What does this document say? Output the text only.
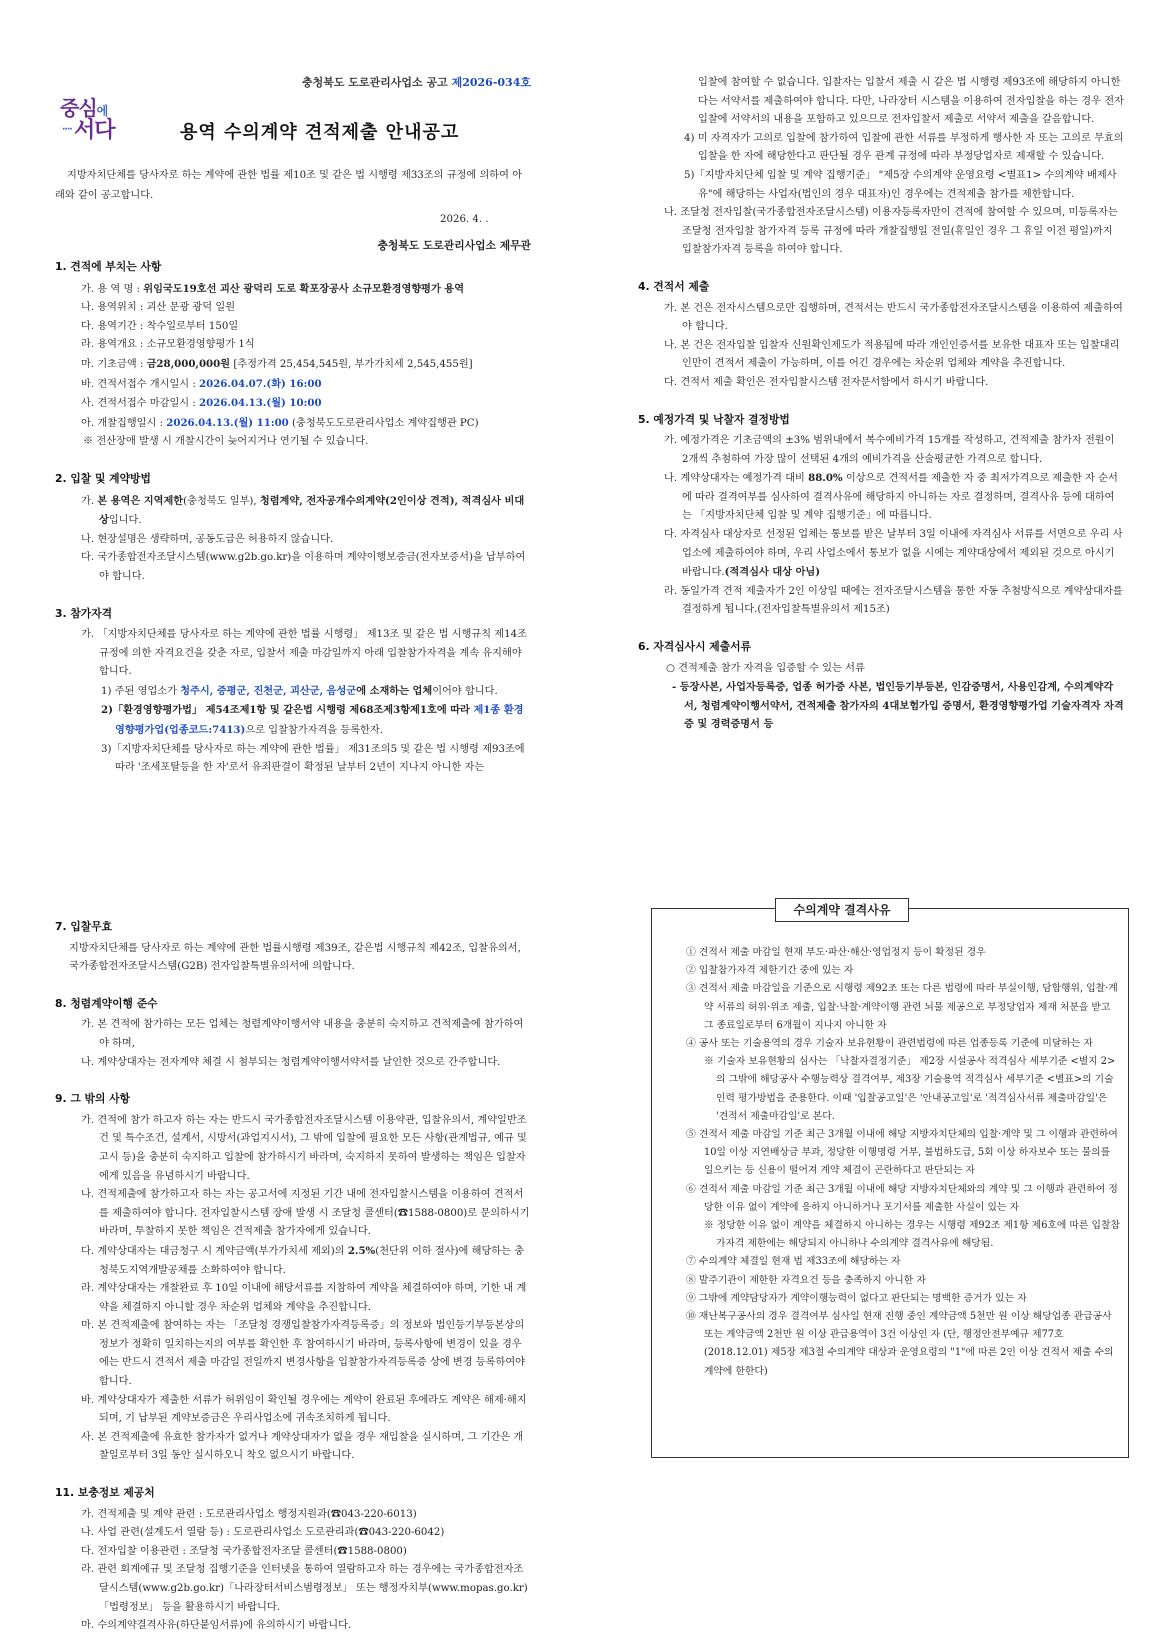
충청북도 도로관리사업소 공고 제2026-034호
중심에
···· 서다	용역 수의계약 견적제출 안내공고
지방자치단체를 당사자로 하는 계약에 관한 법률 제10조 및 같은 법 시행령 제33조의 규정에 의하여 아래와 같이 공고합니다.
2026. 4. .
충청북도 도로관리사업소 제무관
1. 견적에 부치는 사항
가. 용 역 명 : 위임국도19호선 괴산 광덕리 도로 확포장공사 소규모환경영향평가 용역
나. 용역위치 : 괴산 문광 광덕 일원
다. 용역기간 : 착수일로부터 150일
라. 용역개요 : 소규모환경영향평가 1식
마. 기초금액 : 금28,000,000원 [추정가격 25,454,545원, 부가가치세 2,545,455원]
바. 견적서접수 개시일시 : 2026.04.07.(화) 16:00
사. 견적서접수 마감일시 : 2026.04.13.(월) 10:00
아. 개찰집행일시 : 2026.04.13.(월) 11:00 (충청북도도로관리사업소 계약집행관 PC)
※ 전산장애 발생 시 개찰시간이 늦어지거나 연기될 수 있습니다.
2. 입찰 및 계약방법
가. 본 용역은 지역제한(충청북도 일부), 청렴계약, 전자공개수의계약(2인이상 견적), 적격심사 비대상입니다.
나. 현장설명은 생략하며, 공동도급은 허용하지 않습니다.
다. 국가종합전자조달시스템(www.g2b.go.kr)을 이용하며 계약이행보증금(전자보증서)을 납부하여야 합니다.
3. 참가자격
가. 「지방자치단체를 당사자로 하는 계약에 관한 법률 시행령」 제13조 및 같은 법 시행규칙 제14조 규정에 의한 자격요건을 갖춘 자로, 입찰서 제출 마감일까지 아래 입찰참가자격을 계속 유지해야 합니다.
1) 주된 영업소가 청주시, 증평군, 진천군, 괴산군, 음성군에 소재하는 업체이어야 합니다.
2)「환경영향평가법」 제54조제1항 및 같은법 시행령 제68조제3항제1호에 따라 제1종 환경영향평가업(업종코드:7413)으로 입찰참가자격을 등록한자.
3)「지방자치단체를 당사자로 하는 계약에 관한 법률」 제31조의5 및 같은 법 시행령 제93조에 따라 '조세포탈등을 한 자'로서 유죄판결이 확정된 날부터 2년이 지나지 아니한 자는
입찰에 참여할 수 없습니다. 입찰자는 입찰서 제출 시 같은 법 시행령 제93조에 해당하지 아니한다는 서약서를 제출하여야 합니다. 다만, 나라장터 시스템을 이용하여 전자입찰을 하는 경우 전자입찰에 서약서의 내용을 포함하고 있으므로 전자입찰서 제출로 서약서 제출을 갈음합니다.
4) 미 자격자가 고의로 입찰에 참가하여 입찰에 관한 서류를 부정하게 행사한 자 또는 고의로 무효의 입찰을 한 자에 해당한다고 판단될 경우 관계 규정에 따라 부정당업자로 제재할 수 있습니다.
5)「지방자치단체 입찰 및 계약 집행기준」 "제5장 수의계약 운영요령 <별표1> 수의계약 배제사유"에 해당하는 사업자(법인의 경우 대표자)인 경우에는 견적제출 참가를 제한합니다.
나. 조달청 전자입찰(국가종합전자조달시스템) 이용자등록자만이 견적에 참여할 수 있으며, 미등록자는 조달청 전자입찰 참가자격 등록 규정에 따라 개찰집행일 전일(휴일인 경우 그 휴일 이전 평일)까지 입찰참가자격 등록을 하여야 합니다.
4. 견적서 제출
가. 본 건은 전자시스템으로만 집행하며, 견적서는 반드시 국가종합전자조달시스템을 이용하여 제출하여야 합니다.
나. 본 건은 전자입찰 입찰자 신원확인제도가 적용됨에 따라 개인인증서를 보유한 대표자 또는 입찰대리인만이 견적서 제출이 가능하며, 이를 어긴 경우에는 차순위 업체와 계약을 추진합니다.
다. 견적서 제출 확인은 전자입찰시스템 전자문서함에서 하시기 바랍니다.
5. 예정가격 및 낙찰자 결정방법
가. 예정가격은 기초금액의 ±3% 범위내에서 복수예비가격 15개를 작성하고, 견적제출 참가자 전원이 2개씩 추첨하여 가장 많이 선택된 4개의 예비가격을 산술평균한 가격으로 합니다.
나. 계약상대자는 예정가격 대비 88.0% 이상으로 견적서를 제출한 자 중 최저가격으로 제출한 자 순서에 따라 결격여부를 심사하여 결격사유에 해당하지 아니하는 자로 결정하며, 결격사유 등에 대하여는 「지방자치단체 입찰 및 계약 집행기준」에 따릅니다.
다. 자격심사 대상자로 선정된 업체는 통보를 받은 날부터 3일 이내에 자격심사 서류를 서면으로 우리 사업소에 제출하여야 하며, 우리 사업소에서 통보가 없을 시에는 계약대상에서 제외된 것으로 아시기 바랍니다.(적격심사 대상 아님)
라. 동일가격 견적 제출자가 2인 이상일 때에는 전자조달시스템을 통한 자동 추첨방식으로 계약상대자를 결정하게 됩니다.(전자입찰특별유의서 제15조)
6. 자격심사시 제출서류
○ 견적제출 참가 자격을 입증할 수 있는 서류
- 등장사본, 사업자등록증, 업종 허가증 사본, 법인등기부등본, 인감증명서, 사용인감계, 수의계약각서, 청렴계약이행서약서, 견적제출 참가자의 4대보험가입 증명서, 환경영향평가업 기술자격자 자격증 및 경력증명서 등
7. 입찰무효
지방자치단체를 당사자로 하는 계약에 관한 법률시행령 제39조, 같은법 시행규칙 제42조, 입찰유의서, 국가종합전자조달시스템(G2B) 전자입찰특별유의서에 의합니다.
8. 청렴계약이행 준수
가. 본 견적에 참가하는 모든 업체는 청렴계약이행서약 내용을 충분히 숙지하고 견적제출에 참가하여야 하며,
나. 계약상대자는 전자계약 체결 시 첨부되는 청렴계약이행서약서를 날인한 것으로 간주합니다.
9. 그 밖의 사항
가. 견적에 참가 하고자 하는 자는 반드시 국가종합전자조달시스템 이용약관, 입찰유의서, 계약일반조건 및 특수조건, 설계서, 시방서(과업지시서), 그 밖에 입찰에 필요한 모든 사항(관계법규, 예규 및 고시 등)을 충분히 숙지하고 입찰에 참가하시기 바라며, 숙지하지 못하여 발생하는 책임은 입찰자에게 있음을 유념하시기 바랍니다.
나. 견적제출에 참가하고자 하는 자는 공고서에 지정된 기간 내에 전자입찰시스템을 이용하여 견적서를 제출하여야 합니다. 전자입찰시스템 장애 발생 시 조달청 콜센터(☎1588-0800)로 문의하시기 바라며, 투찰하지 못한 책임은 견적제출 참가자에게 있습니다.
다. 계약상대자는 대금청구 시 계약금액(부가가치세 제외)의 2.5%(천단위 이하 절사)에 해당하는 충청북도지역개발공채를 소화하여야 합니다.
라. 계약상대자는 개찰완료 후 10일 이내에 해당서류를 지참하여 계약을 체결하여야 하며, 기한 내 계약을 체결하지 아니할 경우 차순위 업체와 계약을 추진합니다.
마. 본 견적제출에 참여하는 자는 「조달청 경쟁입찰참가자격등록증」의 정보와 법인등기부등본상의 정보가 정확히 일치하는지의 여부를 확인한 후 참여하시기 바라며, 등록사항에 변경이 있을 경우에는 반드시 견적서 제출 마감일 전일까지 변경사항을 입찰참가자격등록증 상에 변경 등록하여야 합니다.
바. 계약상대자가 제출한 서류가 허위임이 확인될 경우에는 계약이 완료된 후에라도 계약은 해제·해지되며, 기 납부된 계약보증금은 우리사업소에 귀속조치하게 됩니다.
사. 본 견적제출에 유효한 참가자가 없거나 계약상대자가 없을 경우 재입찰을 실시하며, 그 기간은 개찰일로부터 3일 동안 실시하오니 착오 없으시기 바랍니다.
11. 보충정보 제공처
가. 견적제출 및 계약 관련 : 도로관리사업소 행정지원과(☎043-220-6013)
나. 사업 관련(설계도서 열람 등) : 도로관리사업소 도로관리과(☎043-220-6042)
다. 전자입찰 이용관련 : 조달청 국가종합전자조달 콜센터(☎1588-0800)
라. 관련 회계예규 및 조달청 집행기준을 인터넷을 통하여 열람하고자 하는 경우에는 국가종합전자조달시스템(www.g2b.go.kr)「나라장터서비스범령정보」 또는 행정자치부(www.mopas.go.kr)「법령정보」 등을 활용하시기 바랍니다.
마. 수의계약결격사유(하단붙임서류)에 유의하시기 바랍니다.
수의계약 결격사유
① 견적서 제출 마감일 현재 부도·파산·해산·영업정지 등이 확정된 경우
② 입찰참가자격 제한기간 중에 있는 자
③ 견적서 제출 마감일을 기준으로 시행령 제92조 또는 다른 법령에 따라 부실이행, 담합행위, 입찰·계약 서류의 허위·위조 제출, 입찰·낙찰·계약이행 관련 뇌물 제공으로 부정당업자 제재 처분을 받고 그 종료일로부터 6개월이 지나지 아니한 자
④ 공사 또는 기술용역의 경우 기술자 보유현황이 관련법령에 따른 업종등록 기준에 미달하는 자
※ 기술자 보유현황의 심사는 「낙찰자결정기준」 제2장 시설공사 적격심사 세부기준 <별지 2>의 그밖에 해당공사 수행능력상 결격여부, 제3장 기술용역 적격심사 세부기준 <별표>의 기술인력 평가방법을 준용한다. 이때 '입찰공고일'은 '안내공고일'로 '적격심사서류 제출마감일'은 '견적서 제출마감일'로 본다.
⑤ 견적서 제출 마감일 기준 최근 3개월 이내에 해당 지방자치단체의 입찰·계약 및 그 이행과 관련하여 10일 이상 지연배상금 부과, 정당한 이행명령 거부, 불법하도급, 5회 이상 하자보수 또는 물의를 일으키는 등 신용이 떨어져 계약 체결이 곤란하다고 판단되는 자
⑥ 견적서 제출 마감일 기준 최근 3개월 이내에 해당 지방자치단체와의 계약 및 그 이행과 관련하여 정당한 이유 없이 계약에 응하지 아니하거나 포기서를 제출한 사실이 있는 자
※ 정당한 이유 없이 계약을 체결하지 아니하는 경우는 시행령 제92조 제1항 제6호에 따른 입찰참가자격 제한에는 해당되지 아니하나 수의계약 결격사유에 해당됨.
⑦ 수의계약 체결일 현재 법 제33조에 해당하는 자
⑧ 발주기관이 제한한 자격요건 등을 충족하지 아니한 자
⑨ 그밖에 계약담당자가 계약이행능력이 없다고 판단되는 명백한 증거가 있는 자
⑩ 재난복구공사의 경우 결격여부 심사일 현재 진행 중인 계약금액 5천만 원 이상 해당업종 관급공사 또는 계약금액 2천만 원 이상 관급용역이 3건 이상인 자 (단, 행정안전부예규 제77호(2018.12.01) 제5장 제3절 수의계약 대상과 운영요령의 "1"에 따른 2인 이상 견적서 제출 수의계약에 한한다)
